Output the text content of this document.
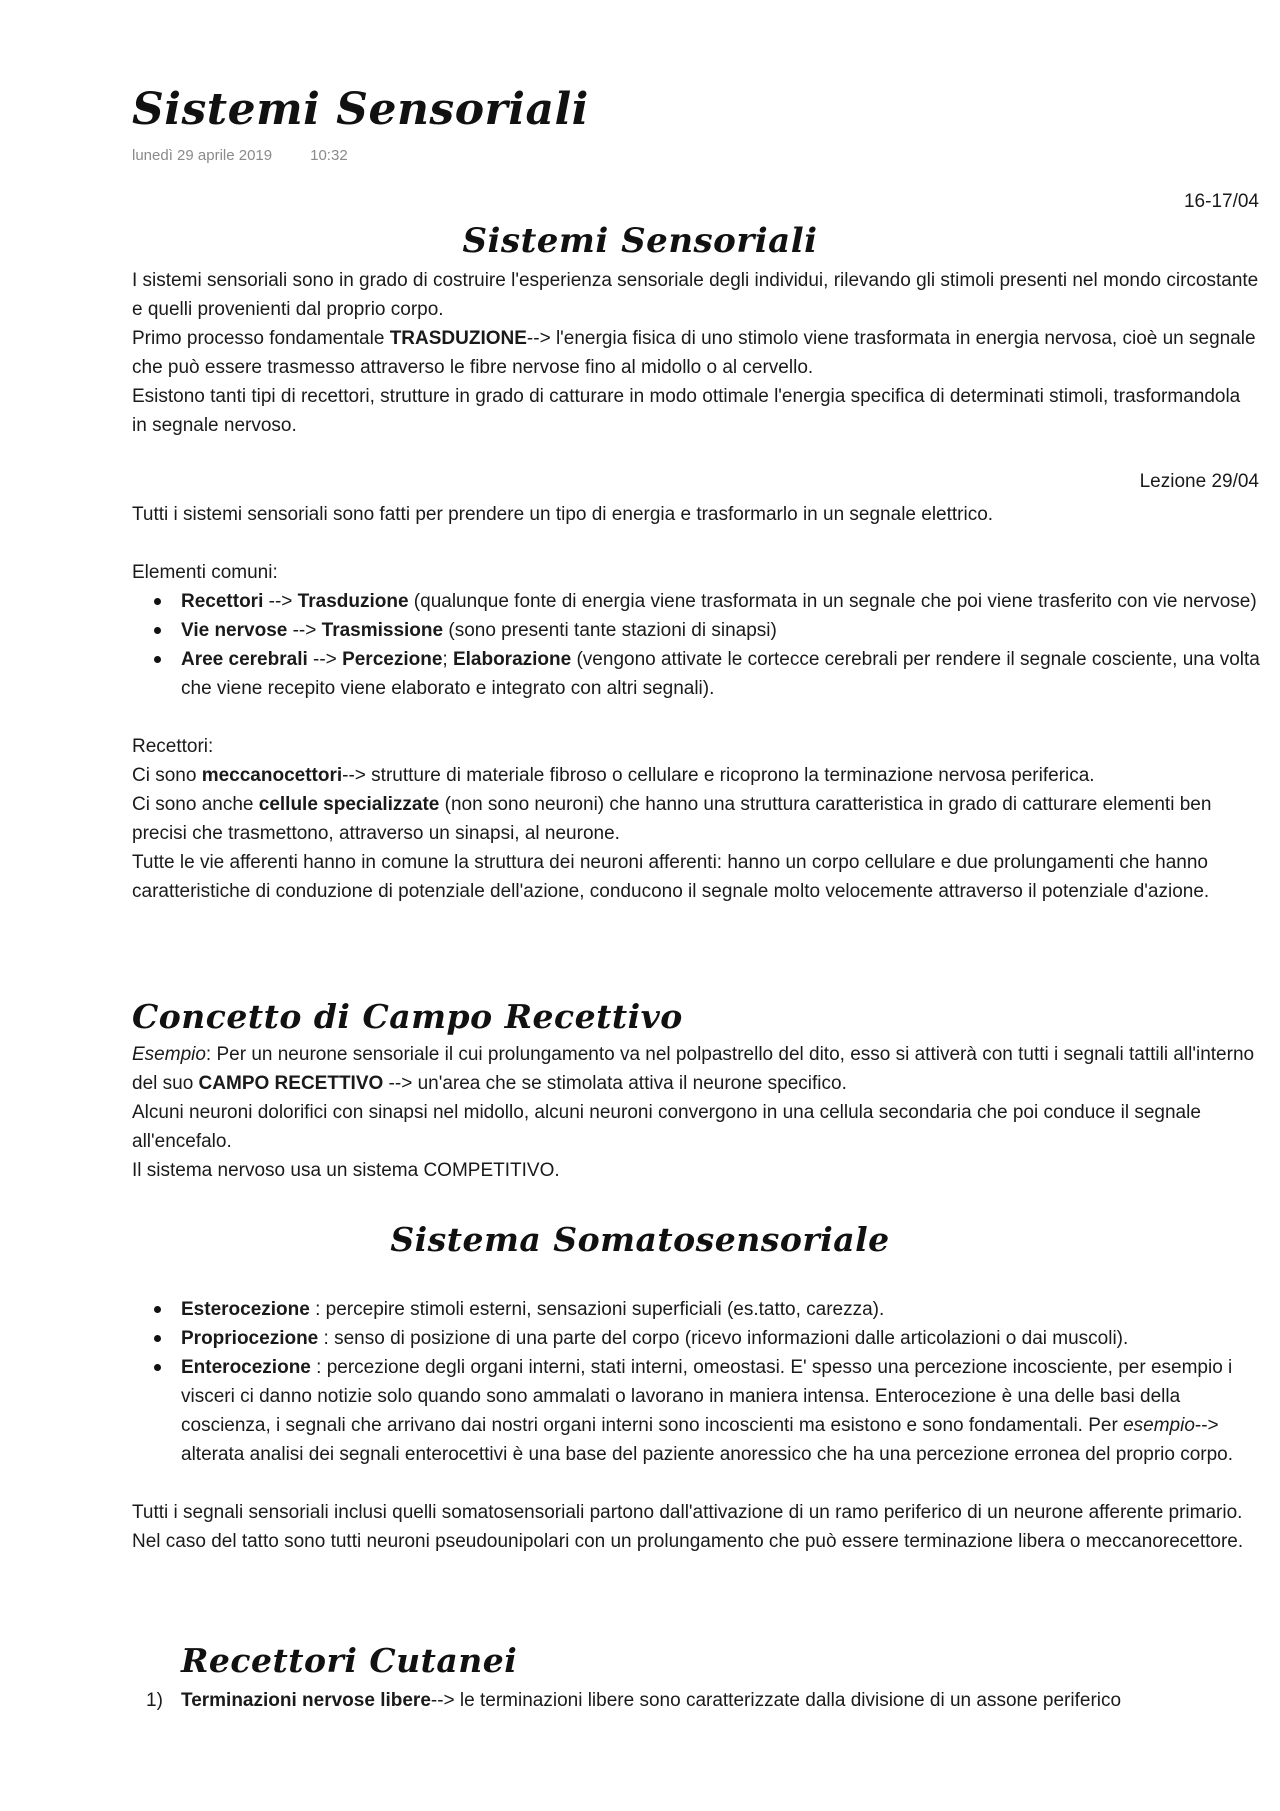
Sistemi Sensoriali
lunedì 29 aprile 2019	10:32
16-17/04
Sistemi Sensoriali

I sistemi sensoriali sono in grado di costruire l'esperienza sensoriale degli individui, rilevando gli stimoli presenti nel mondo circostante e quelli provenienti dal proprio corpo.

Primo processo fondamentale TRASDUZIONE--> l'energia fisica di uno stimolo viene trasformata in energia nervosa, cioè un segnale che può essere trasmesso attraverso le fibre nervose fino al midollo o al cervello.

Esistono tanti tipi di recettori, strutture in grado di catturare in modo ottimale l'energia specifica di determinati stimoli, trasformandola in segnale nervoso.

Lezione 29/04

Tutti i sistemi sensoriali sono fatti per prendere un tipo di energia e trasformarlo in un segnale elettrico.

Elementi comuni:

Recettori --> Trasduzione (qualunque fonte di energia viene trasformata in un segnale che poi viene trasferito con vie nervose)
Vie nervose --> Trasmissione (sono presenti tante stazioni di sinapsi)
Aree cerebrali --> Percezione; Elaborazione (vengono attivate le cortecce cerebrali per rendere il segnale cosciente, una volta che viene recepito viene elaborato e integrato con altri segnali).

Recettori:

Ci sono meccanocettori--> strutture di materiale fibroso o cellulare e ricoprono la terminazione nervosa periferica.

Ci sono anche cellule specializzate (non sono neuroni) che hanno una struttura caratteristica in grado di catturare elementi ben precisi che trasmettono, attraverso un sinapsi, al neurone.

Tutte le vie afferenti hanno in comune la struttura dei neuroni afferenti: hanno un corpo cellulare e due prolungamenti che hanno caratteristiche di conduzione di potenziale dell'azione, conducono il segnale molto velocemente attraverso il potenziale d'azione.

Concetto di Campo Recettivo

Esempio: Per un neurone sensoriale il cui prolungamento va nel polpastrello del dito, esso si attiverà con tutti i segnali tattili all'interno del suo CAMPO RECETTIVO --> un'area che se stimolata attiva il neurone specifico.

Alcuni neuroni dolorifici con sinapsi nel midollo, alcuni neuroni convergono in una cellula secondaria che poi conduce il segnale all'encefalo.

Il sistema nervoso usa un sistema COMPETITIVO.

Sistema Somatosensoriale
Esterocezione : percepire stimoli esterni, sensazioni superficiali (es.tatto, carezza).
Propriocezione : senso di posizione di una parte del corpo (ricevo informazioni dalle articolazioni o dai muscoli).
Enterocezione : percezione degli organi interni, stati interni, omeostasi. E' spesso una percezione incosciente, per esempio i visceri ci danno notizie solo quando sono ammalati o lavorano in maniera intensa. Enterocezione è una delle basi della coscienza, i segnali che arrivano dai nostri organi interni sono incoscienti ma esistono e sono fondamentali. Per esempio--> alterata analisi dei segnali enterocettivi è una base del paziente anoressico che ha una percezione erronea del proprio corpo.

Tutti i segnali sensoriali inclusi quelli somatosensoriali partono dall'attivazione di un ramo periferico di un neurone afferente primario. Nel caso del tatto sono tutti neuroni pseudounipolari con un prolungamento che può essere terminazione libera o meccanorecettore.

Recettori Cutanei
1) Terminazioni nervose libere--> le terminazioni libere sono caratterizzate dalla divisione di un assone periferico
